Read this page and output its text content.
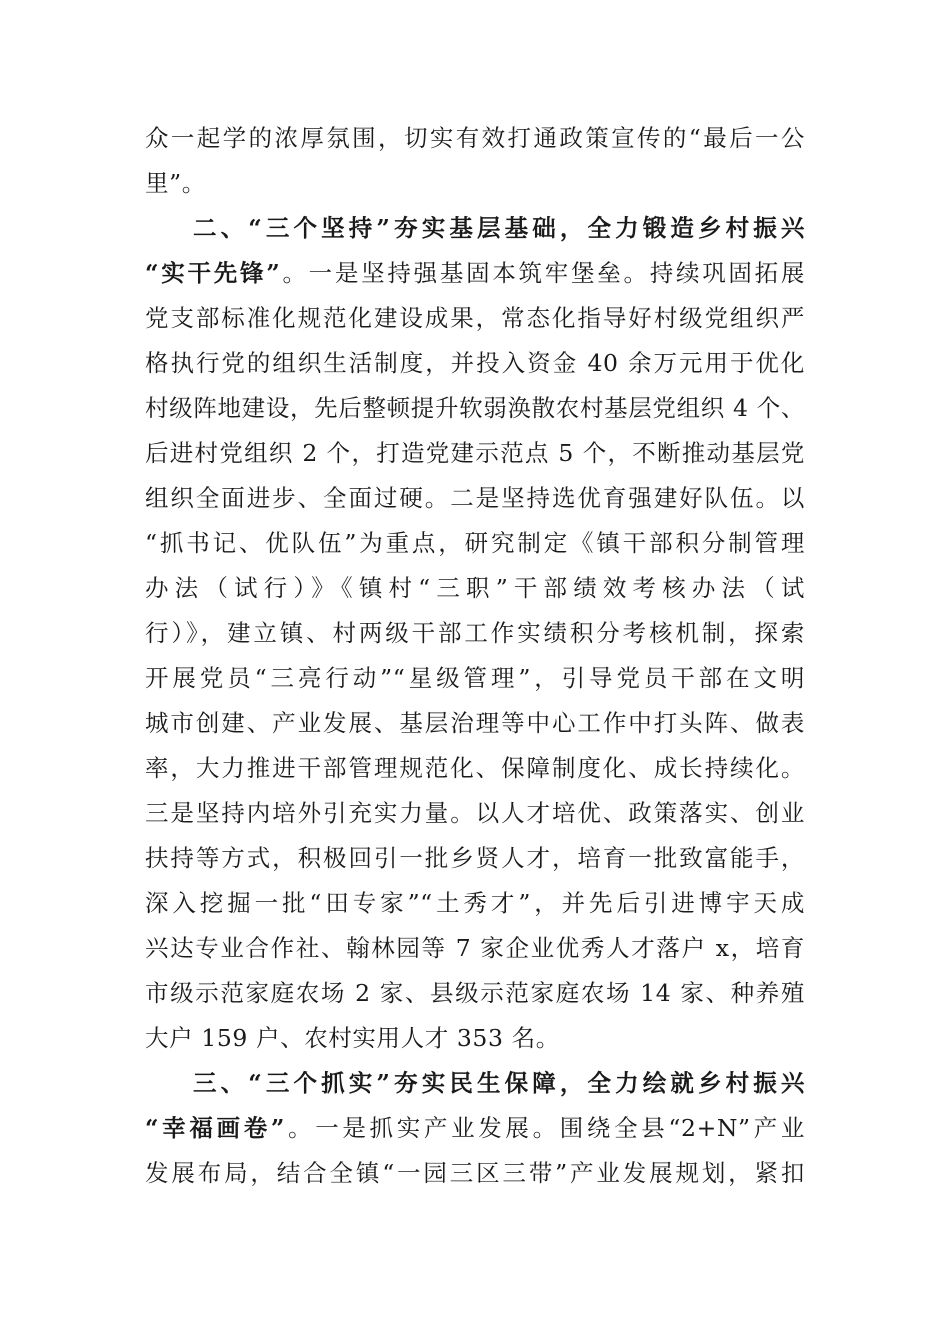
众一起学的浓厚氛围，切实有效打通政策宣传的“最后一公
里”。
二、“三个坚持”夯实基层基础，全力锻造乡村振兴
“实干先锋”。一是坚持强基固本筑牢堡垒。持续巩固拓展
党支部标准化规范化建设成果，常态化指导好村级党组织严
格执行党的组织生活制度，并投入资金 40 余万元用于优化
村级阵地建设，先后整顿提升软弱涣散农村基层党组织 4 个、
后进村党组织 2 个，打造党建示范点 5 个，不断推动基层党
组织全面进步、全面过硬。二是坚持选优育强建好队伍。以
“抓书记、优队伍”为重点，研究制定《镇干部积分制管理
办法（试行）》《镇村“三职”干部绩效考核办法（试
行）》，建立镇、村两级干部工作实绩积分考核机制，探索
开展党员“三亮行动”“星级管理”，引导党员干部在文明
城市创建、产业发展、基层治理等中心工作中打头阵、做表
率，大力推进干部管理规范化、保障制度化、成长持续化。
三是坚持内培外引充实力量。以人才培优、政策落实、创业
扶持等方式，积极回引一批乡贤人才，培育一批致富能手，
深入挖掘一批“田专家”“土秀才”，并先后引进博宇天成
兴达专业合作社、翰林园等 7 家企业优秀人才落户 x，培育
市级示范家庭农场 2 家、县级示范家庭农场 14 家、种养殖
大户 159 户、农村实用人才 353 名。
三、“三个抓实”夯实民生保障，全力绘就乡村振兴
“幸福画卷”。一是抓实产业发展。围绕全县“2+N”产业
发展布局，结合全镇“一园三区三带”产业发展规划，紧扣
